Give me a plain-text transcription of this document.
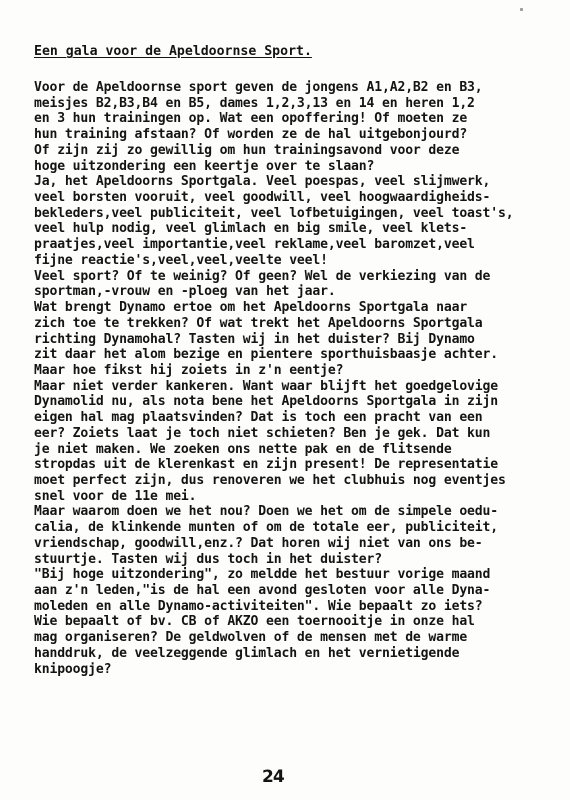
Een gala voor de Apeldoornse Sport.
Voor de Apeldoornse sport geven de jongens A1,A2,B2 en B3,
meisjes B2,B3,B4 en B5, dames 1,2,3,13 en 14 en heren 1,2
en 3 hun trainingen op. Wat een opoffering! Of moeten ze
hun training afstaan? Of worden ze de hal uitgebonjourd?
Of zijn zij zo gewillig om hun trainingsavond voor deze
hoge uitzondering een keertje over te slaan?
Ja, het Apeldoorns Sportgala. Veel poespas, veel slijmwerk,
veel borsten vooruit, veel goodwill, veel hoogwaardigheids-
bekleders,veel publiciteit, veel lofbetuigingen, veel toast's,
veel hulp nodig, veel glimlach en big smile, veel klets-
praatjes,veel importantie,veel reklame,veel baromzet,veel
fijne reactie's,veel,veel,veelte veel!
Veel sport? Of te weinig? Of geen? Wel de verkiezing van de
sportman,-vrouw en -ploeg van het jaar.
Wat brengt Dynamo ertoe om het Apeldoorns Sportgala naar
zich toe te trekken? Of wat trekt het Apeldoorns Sportgala
richting Dynamohal? Tasten wij in het duister? Bij Dynamo
zit daar het alom bezige en pientere sporthuisbaasje achter.
Maar hoe fikst hij zoiets in z'n eentje?
Maar niet verder kankeren. Want waar blijft het goedgelovige
Dynamolid nu, als nota bene het Apeldoorns Sportgala in zijn
eigen hal mag plaatsvinden? Dat is toch een pracht van een
eer? Zoiets laat je toch niet schieten? Ben je gek. Dat kun
je niet maken. We zoeken ons nette pak en de flitsende
stropdas uit de klerenkast en zijn present! De representatie
moet perfect zijn, dus renoveren we het clubhuis nog eventjes
snel voor de 11e mei.
Maar waarom doen we het nou? Doen we het om de simpele oedu-
calia, de klinkende munten of om de totale eer, publiciteit,
vriendschap, goodwill,enz.? Dat horen wij niet van ons be-
stuurtje. Tasten wij dus toch in het duister?
"Bij hoge uitzondering", zo meldde het bestuur vorige maand
aan z'n leden,"is de hal een avond gesloten voor alle Dyna-
moleden en alle Dynamo-activiteiten". Wie bepaalt zo iets?
Wie bepaalt of bv. CB of AKZO een toernooitje in onze hal
mag organiseren? De geldwolven of de mensen met de warme
handdruk, de veelzeggende glimlach en het vernietigende
knipoogje?
24
